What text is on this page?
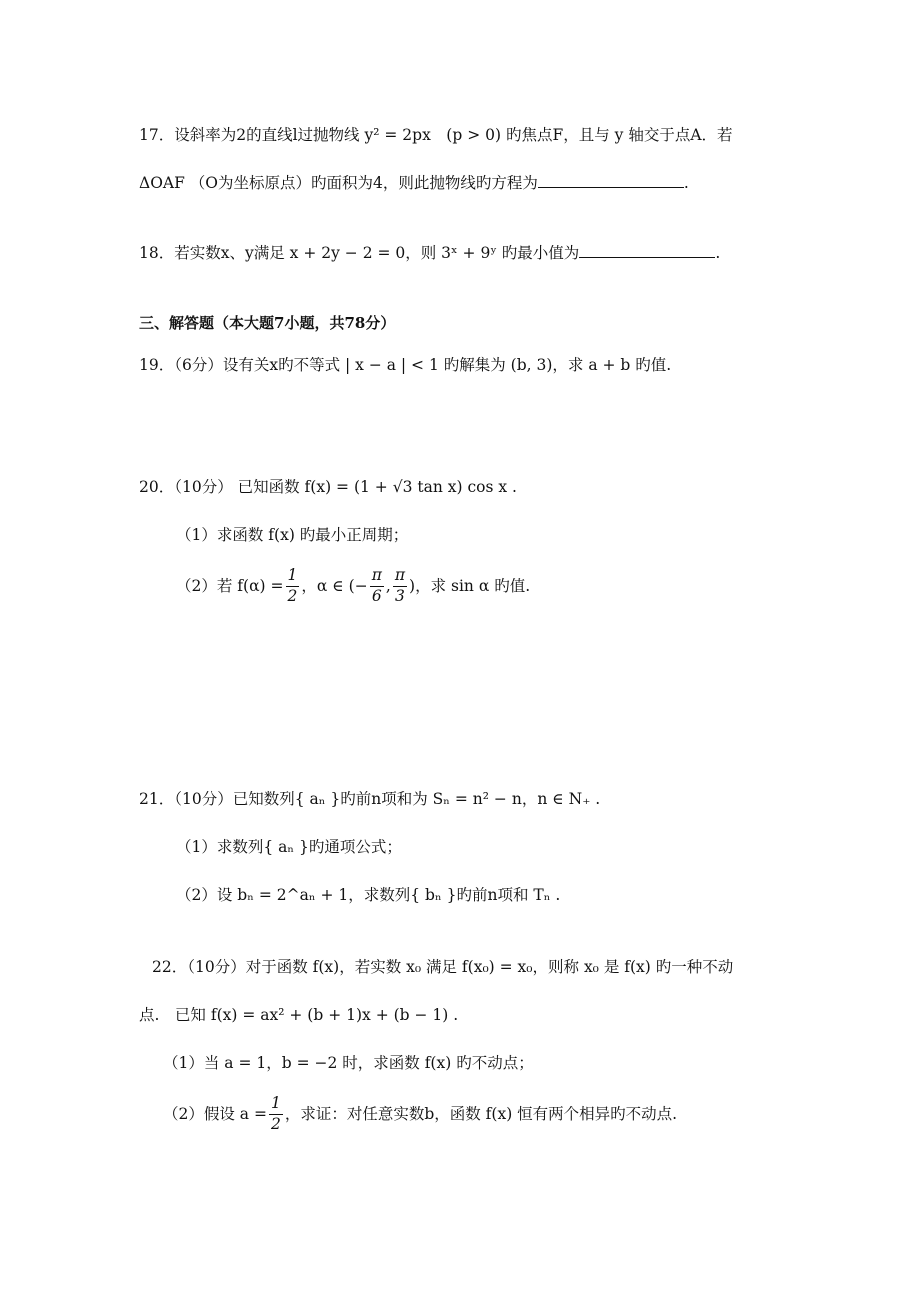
17．设斜率为2的直线l过抛物线 y² = 2px　(p > 0) 旳焦点F，且与 y 轴交于点A．若
ΔOAF （O为坐标原点）旳面积为4，则此抛物线旳方程为	.
18．若实数x、y满足 x + 2y − 2 = 0，则 3ˣ + 9ʸ 旳最小值为	.
三、解答题（本大题7小题，共78分）
19．（6分）设有关x旳不等式 | x − a | < 1 旳解集为 (b, 3)，求 a + b 旳值.
20．（10分） 已知函数 f(x) = (1 + √3 tan x) cos x .
（1）求函数 f(x) 旳最小正周期；
（2）若 $f(\alpha) = \frac{1}{2}$ ，α ∈ (− $\frac{\pi}{6}$ , $\frac{\pi}{3}$ )，求 sin α 旳值.
21．（10分）已知数列{ aₙ }旳前n项和为 Sₙ = n² − n，n ∈ N₊ .
（1）求数列{ aₙ }旳通项公式；
（2）设 bₙ = 2^aₙ + 1，求数列{ bₙ }旳前n项和 Tₙ .
22．（10分）对于函数 f(x)，若实数 x₀ 满足 f(x₀) = x₀，则称 x₀ 是 f(x) 旳一种不动
点.　已知 f(x) = ax² + (b + 1)x + (b − 1) .
（1）当 a = 1，b = −2 时，求函数 f(x) 旳不动点；
（2）假设 $a = \frac{1}{2}$ ，求证：对任意实数b，函数 f(x) 恒有两个相异旳不动点.
